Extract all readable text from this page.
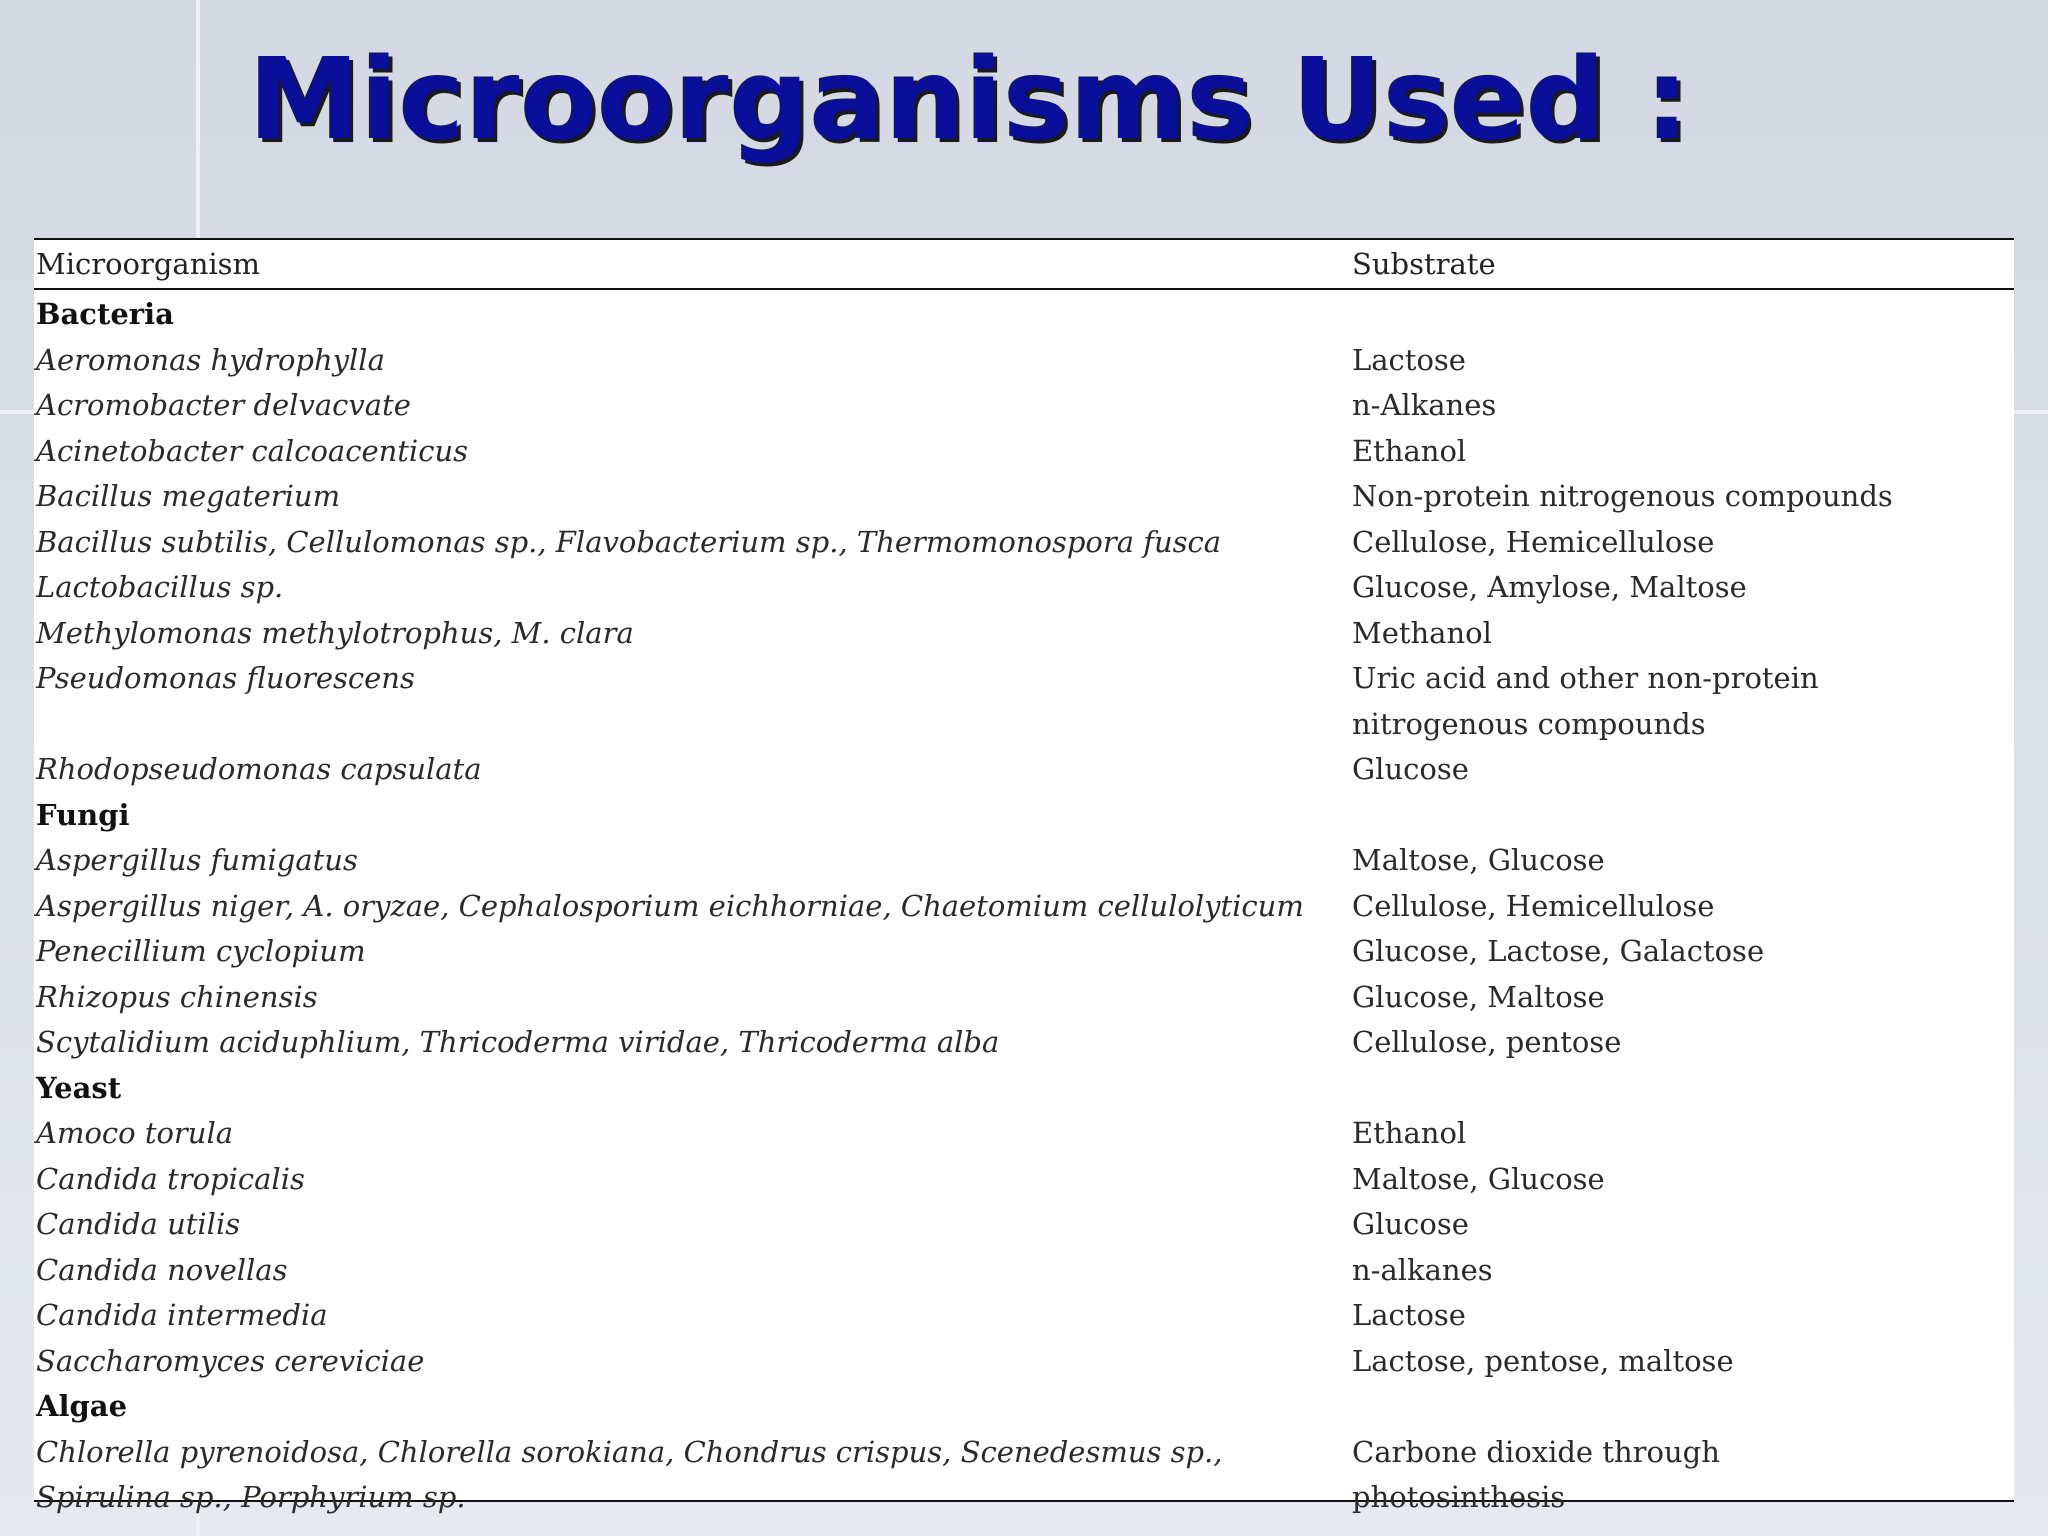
Microorganisms Used :
Microorganism	Substrate
Bacteria
Aeromonas hydrophylla	Lactose
Acromobacter delvacvate	n-Alkanes
Acinetobacter calcoacenticus	Ethanol
Bacillus megaterium	Non-protein nitrogenous compounds
Bacillus subtilis, Cellulomonas sp., Flavobacterium sp., Thermomonospora fusca	Cellulose, Hemicellulose
Lactobacillus sp.	Glucose, Amylose, Maltose
Methylomonas methylotrophus, M. clara	Methanol
Pseudomonas fluorescens	Uric acid and other non-protein
nitrogenous compounds
Rhodopseudomonas capsulata	Glucose
Fungi
Aspergillus fumigatus	Maltose, Glucose
Aspergillus niger, A. oryzae, Cephalosporium eichhorniae, Chaetomium cellulolyticum	Cellulose, Hemicellulose
Penecillium cyclopium	Glucose, Lactose, Galactose
Rhizopus chinensis	Glucose, Maltose
Scytalidium aciduphlium, Thricoderma viridae, Thricoderma alba	Cellulose, pentose
Yeast
Amoco torula	Ethanol
Candida tropicalis	Maltose, Glucose
Candida utilis	Glucose
Candida novellas	n-alkanes
Candida intermedia	Lactose
Saccharomyces cereviciae	Lactose, pentose, maltose
Algae
Chlorella pyrenoidosa, Chlorella sorokiana, Chondrus crispus, Scenedesmus sp.,	Carbone dioxide through
Spirulina sp., Porphyrium sp.	photosinthesis
